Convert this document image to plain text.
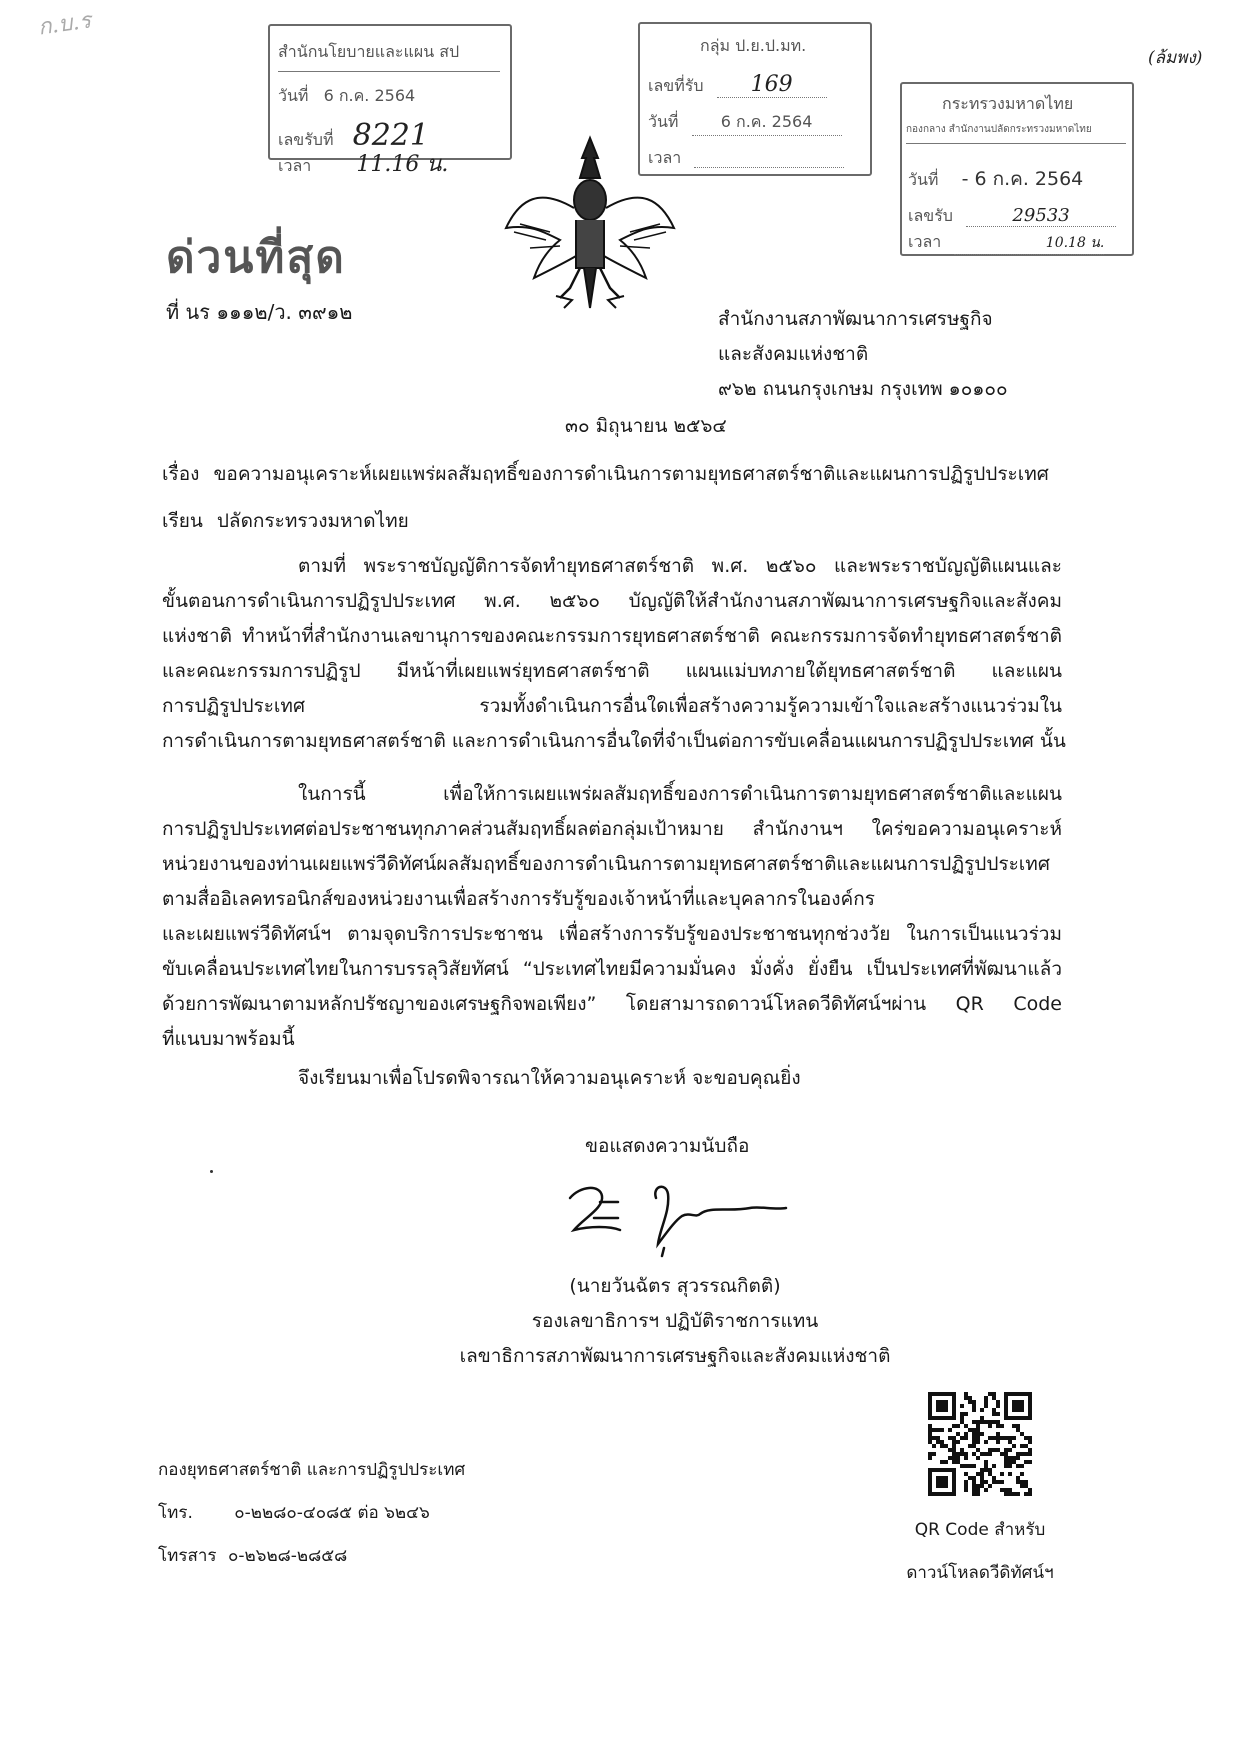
ก.บ.ร
(ล้มพง)
สำนักนโยบายและแผน สป
วันที่ 6 ก.ค. 2564
เลขรับที่ 8221
เวลา 11.16 น.
กลุ่ม ป.ย.ป.มท.
เลขที่รับ 169
วันที่	6 ก.ค. 2564
เวลา
กระทรวงมหาดไทย
กองกลาง สำนักงานปลัดกระทรวงมหาดไทย
วันที่ - 6 ก.ค. 2564
เลขรับ	29533
เวลา	10.18 น.
ด่วนที่สุด
ที่ นร ๑๑๑๒/ว. ๓๙๑๒	สำนักงานสภาพัฒนาการเศรษฐกิจ
และสังคมแห่งชาติ
๙๖๒ ถนนกรุงเกษม กรุงเทพ ๑๐๑๐๐
๓๐ มิถุนายน ๒๕๖๔
เรื่อง ขอความอนุเคราะห์เผยแพร่ผลสัมฤทธิ์ของการดำเนินการตามยุทธศาสตร์ชาติและแผนการปฏิรูปประเทศ
เรียน ปลัดกระทรวงมหาดไทย
ตามที่ พระราชบัญญัติการจัดทำยุทธศาสตร์ชาติ พ.ศ. ๒๕๖๐ และพระราชบัญญัติแผนและ
ขั้นตอนการดำเนินการปฏิรูปประเทศ พ.ศ. ๒๕๖๐ บัญญัติให้สำนักงานสภาพัฒนาการเศรษฐกิจและสังคม
แห่งชาติ ทำหน้าที่สำนักงานเลขานุการของคณะกรรมการยุทธศาสตร์ชาติ คณะกรรมการจัดทำยุทธศาสตร์ชาติ
และคณะกรรมการปฏิรูป มีหน้าที่เผยแพร่ยุทธศาสตร์ชาติ แผนแม่บทภายใต้ยุทธศาสตร์ชาติ และแผน
การปฏิรูปประเทศ รวมทั้งดำเนินการอื่นใดเพื่อสร้างความรู้ความเข้าใจและสร้างแนวร่วมใน
การดำเนินการตามยุทธศาสตร์ชาติ และการดำเนินการอื่นใดที่จำเป็นต่อการขับเคลื่อนแผนการปฏิรูปประเทศ นั้น
ในการนี้ เพื่อให้การเผยแพร่ผลสัมฤทธิ์ของการดำเนินการตามยุทธศาสตร์ชาติและแผน
การปฏิรูปประเทศต่อประชาชนทุกภาคส่วนสัมฤทธิ์ผลต่อกลุ่มเป้าหมาย สำนักงานฯ ใคร่ขอความอนุเคราะห์
หน่วยงานของท่านเผยแพร่วีดิทัศน์ผลสัมฤทธิ์ของการดำเนินการตามยุทธศาสตร์ชาติและแผนการปฏิรูปประเทศ
ตามสื่ออิเลคทรอนิกส์ของหน่วยงานเพื่อสร้างการรับรู้ของเจ้าหน้าที่และบุคลากรในองค์กร
และเผยแพร่วีดิทัศน์ฯ ตามจุดบริการประชาชน เพื่อสร้างการรับรู้ของประชาชนทุกช่วงวัย ในการเป็นแนวร่วม
ขับเคลื่อนประเทศไทยในการบรรลุวิสัยทัศน์ “ประเทศไทยมีความมั่นคง มั่งคั่ง ยั่งยืน เป็นประเทศที่พัฒนาแล้ว
ด้วยการพัฒนาตามหลักปรัชญาของเศรษฐกิจพอเพียง” โดยสามารถดาวน์โหลดวีดิทัศน์ฯผ่าน QR Code
ที่แนบมาพร้อมนี้
จึงเรียนมาเพื่อโปรดพิจารณาให้ความอนุเคราะห์ จะขอบคุณยิ่ง
ขอแสดงความนับถือ
(นายวันฉัตร สุวรรณกิตติ)
รองเลขาธิการฯ ปฏิบัติราชการแทน
เลขาธิการสภาพัฒนาการเศรษฐกิจและสังคมแห่งชาติ
QR Code สำหรับ
ดาวน์โหลดวีดิทัศน์ฯ
กองยุทธศาสตร์ชาติ และการปฏิรูปประเทศ
โทร. ๐-๒๒๘๐-๔๐๘๕ ต่อ ๖๒๔๖
โทรสาร ๐-๒๖๒๘-๒๘๕๘
